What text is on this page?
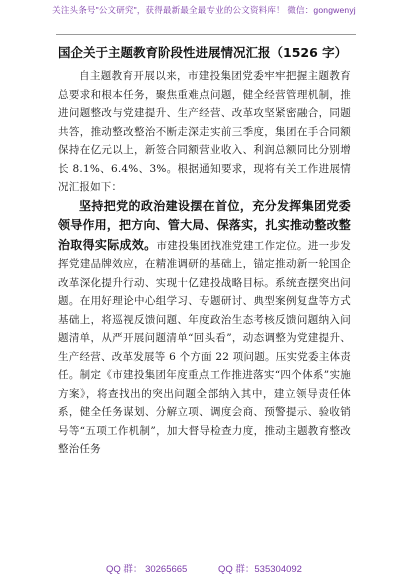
关注头条号"公文研究"，获得最新最全最专业的公文资料库！ 微信：gongwenyj
国企关于主题教育阶段性进展情况汇报（1526 字）

自主题教育开展以来，市建投集团党委牢牢把握主题教育总要求和根本任务，聚焦重难点问题，健全经营管理机制，推进问题整改与党建提升、生产经营、改革攻坚紧密融合，同题共答，推动整改整治不断走深走实前三季度，集团在手合同额保持在亿元以上，新签合同额营业收入、利润总额同比分别增长 8.1%、6.4%、3%。根据通知要求，现将有关工作进展情况汇报如下：

坚持把党的政治建设摆在首位，充分发挥集团党委领导作用，把方向、管大局、保落实，扎实推动整改整治取得实际成效。市建投集团找准党建工作定位。进一步发挥党建品牌效应，在精准调研的基础上，锚定推动新一轮国企改革深化提升行动、实现十亿建投战略目标。系统查摆突出问题。在用好理论中心组学习、专题研讨、典型案例复盘等方式基础上，将巡视反馈问题、年度政治生态考核反馈问题纳入问题清单，从严开展问题清单“回头看”，动态调整为党建提升、生产经营、改革发展等 6 个方面 22 项问题。压实党委主体责任。制定《市建投集团年度重点工作推进落实“四个体系”实施方案》，将查找出的突出问题全部纳入其中，建立领导责任体系，健全任务谋划、分解立项、调度会商、预警提示、验收销号等“五项工作机制”，加大督导检查力度，推动主题教育整改整治任务

QQ 群： 30265665	QQ 群：535304092
